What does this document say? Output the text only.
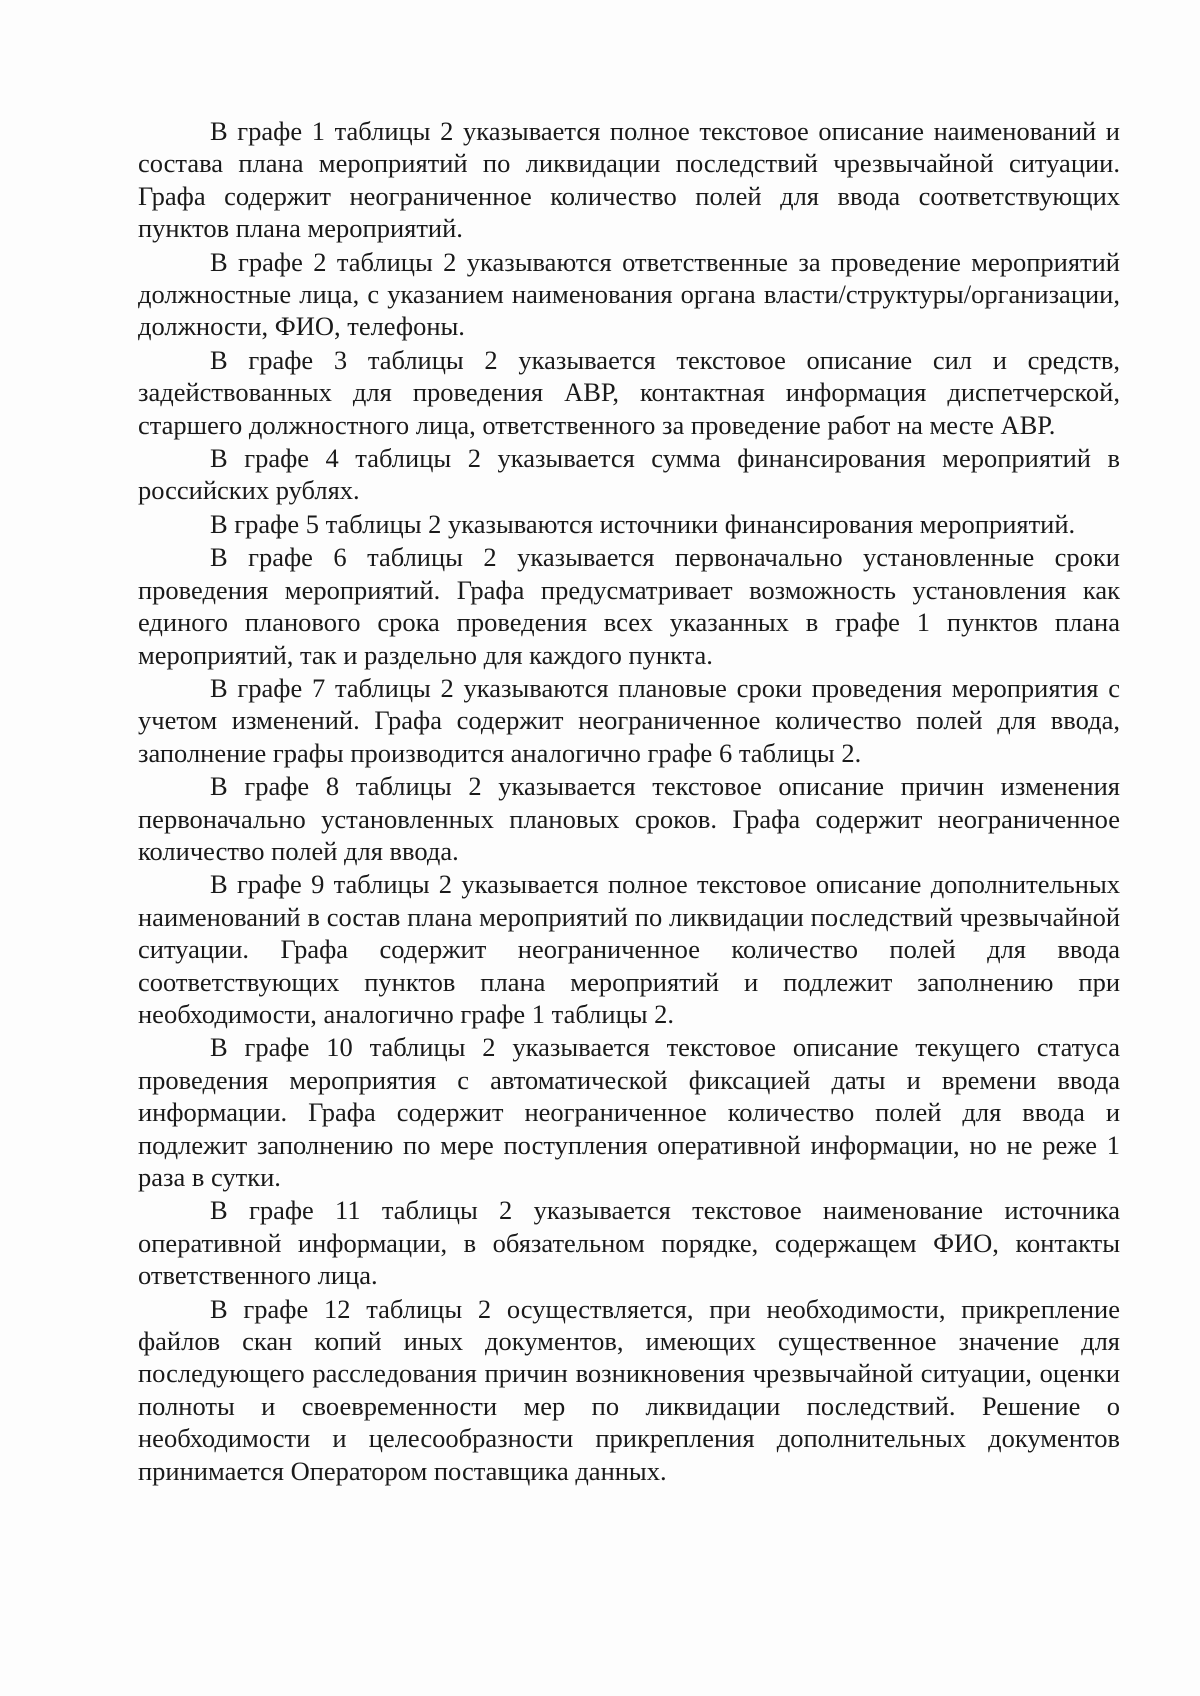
В графе 1 таблицы 2 указывается полное текстовое описание наименований и состава плана мероприятий по ликвидации последствий чрезвычайной ситуации. Графа содержит неограниченное количество полей для ввода соответствующих пунктов плана мероприятий.

В графе 2 таблицы 2 указываются ответственные за проведение мероприятий должностные лица, с указанием наименования органа власти/структуры/организации, должности, ФИО, телефоны.

В графе 3 таблицы 2 указывается текстовое описание сил и средств, задействованных для проведения АВР, контактная информация диспетчерской, старшего должностного лица, ответственного за проведение работ на месте АВР.

В графе 4 таблицы 2 указывается сумма финансирования мероприятий в российских рублях.

В графе 5 таблицы 2 указываются источники финансирования мероприятий.

В графе 6 таблицы 2 указывается первоначально установленные сроки проведения мероприятий. Графа предусматривает возможность установления как единого планового срока проведения всех указанных в графе 1 пунктов плана мероприятий, так и раздельно для каждого пункта.

В графе 7 таблицы 2 указываются плановые сроки проведения мероприятия с учетом изменений. Графа содержит неограниченное количество полей для ввода, заполнение графы производится аналогично графе 6 таблицы 2.

В графе 8 таблицы 2 указывается текстовое описание причин изменения первоначально установленных плановых сроков. Графа содержит неограниченное количество полей для ввода.

В графе 9 таблицы 2 указывается полное текстовое описание дополнительных наименований в состав плана мероприятий по ликвидации последствий чрезвычайной ситуации. Графа содержит неограниченное количество полей для ввода соответствующих пунктов плана мероприятий и подлежит заполнению при необходимости, аналогично графе 1 таблицы 2.

В графе 10 таблицы 2 указывается текстовое описание текущего статуса проведения мероприятия с автоматической фиксацией даты и времени ввода информации. Графа содержит неограниченное количество полей для ввода и подлежит заполнению по мере поступления оперативной информации, но не реже 1 раза в сутки.

В графе 11 таблицы 2 указывается текстовое наименование источника оперативной информации, в обязательном порядке, содержащем ФИО, контакты ответственного лица.

В графе 12 таблицы 2 осуществляется, при необходимости, прикрепление файлов скан копий иных документов, имеющих существенное значение для последующего расследования причин возникновения чрезвычайной ситуации, оценки полноты и своевременности мер по ликвидации последствий. Решение о необходимости и целесообразности прикрепления дополнительных документов принимается Оператором поставщика данных.
